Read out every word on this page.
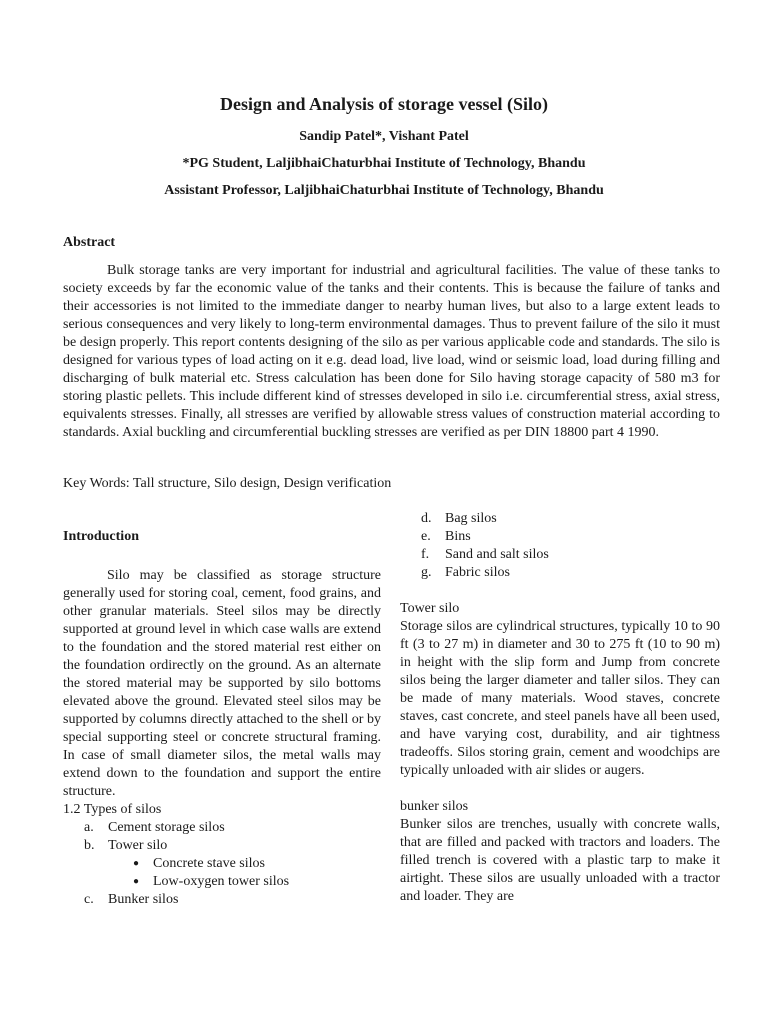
Design and Analysis of storage vessel (Silo)
Sandip Patel*, Vishant Patel
*PG Student, LaljibhaiChaturbhai Institute of Technology, Bhandu
Assistant Professor, LaljibhaiChaturbhai Institute of Technology, Bhandu
Abstract

Bulk storage tanks are very important for industrial and agricultural facilities. The value of these tanks to society exceeds by far the economic value of the tanks and their contents. This is because the failure of tanks and their accessories is not limited to the immediate danger to nearby human lives, but also to a large extent leads to serious consequences and very likely to long-term environmental damages. Thus to prevent failure of the silo it must be design properly. This report contents designing of the silo as per various applicable code and standards. The silo is designed for various types of load acting on it e.g. dead load, live load, wind or seismic load, load during filling and discharging of bulk material etc. Stress calculation has been done for Silo having storage capacity of 580 m3 for storing plastic pellets. This include different kind of stresses developed in silo i.e. circumferential stress, axial stress, equivalents stresses. Finally, all stresses are verified by allowable stress values of construction material according to standards. Axial buckling and circumferential buckling stresses are verified as per DIN 18800 part 4 1990.

Key Words: Tall structure, Silo design, Design verification

Introduction

Silo may be classified as storage structure generally used for storing coal, cement, food grains, and other granular materials. Steel silos may be directly supported at ground level in which case walls are extend to the foundation and the stored material rest either on the foundation ordirectly on the ground. As an alternate the stored material may be supported by silo bottoms elevated above the ground. Elevated steel silos may be supported by columns directly attached to the shell or by special supporting steel or concrete structural framing. In case of small diameter silos, the metal walls may extend down to the foundation and support the entire structure.

1.2 Types of silos

a. Cement storage silos
b. Tower silo
● Concrete stave silos
● Low-oxygen tower silos
c. Bunker silos
d. Bag silos
e. Bins
f. Sand and salt silos
g. Fabric silos

Tower silo

Storage silos are cylindrical structures, typically 10 to 90 ft (3 to 27 m) in diameter and 30 to 275 ft (10 to 90 m) in height with the slip form and Jump from concrete silos being the larger diameter and taller silos. They can be made of many materials. Wood staves, concrete staves, cast concrete, and steel panels have all been used, and have varying cost, durability, and air tightness tradeoffs. Silos storing grain, cement and woodchips are typically unloaded with air slides or augers.

bunker silos

Bunker silos are trenches, usually with concrete walls, that are filled and packed with tractors and loaders. The filled trench is covered with a plastic tarp to make it airtight. These silos are usually unloaded with a tractor and loader. They are
